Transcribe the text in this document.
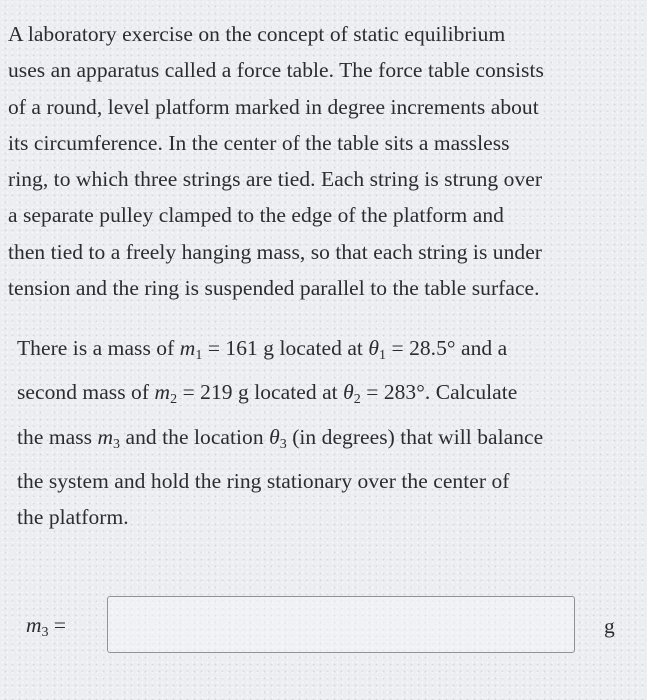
A laboratory exercise on the concept of static equilibrium
uses an apparatus called a force table. The force table consists
of a round, level platform marked in degree increments about
its circumference. In the center of the table sits a massless
ring, to which three strings are tied. Each string is strung over
a separate pulley clamped to the edge of the platform and
then tied to a freely hanging mass, so that each string is under
tension and the ring is suspended parallel to the table surface.

There is a mass of $m_1 = 161$ g located at $\theta_1 = 28.5^\circ$ and a
second mass of $m_2 = 219$ g located at $\theta_2 = 283^\circ$. Calculate
the mass $m_3$ and the location $\theta_3$ (in degrees) that will balance
the system and hold the ring stationary over the center of
the platform.

$m_3$ =	g
